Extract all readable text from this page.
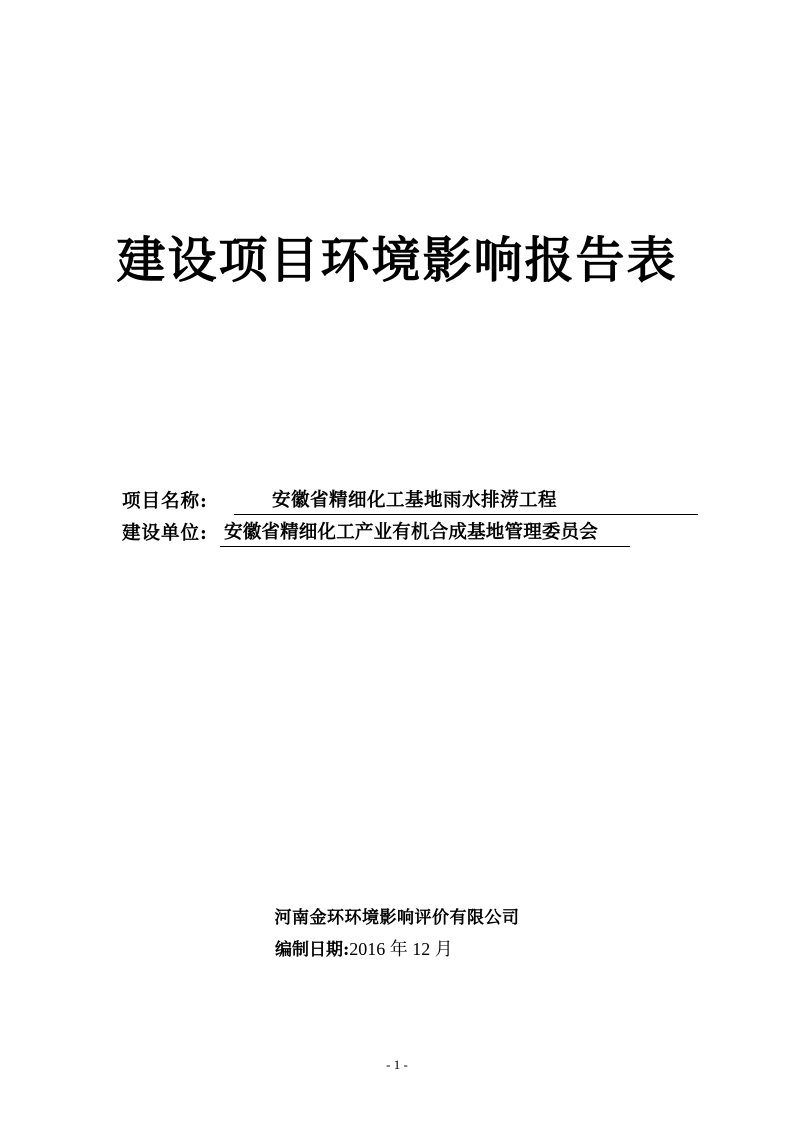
建设项目环境影响报告表
项目名称:	安徽省精细化工基地雨水排涝工程
建设单位: 安徽省精细化工产业有机合成基地管理委员会
河南金环环境影响评价有限公司
编制日期:2016 年 12 月
- 1 -
